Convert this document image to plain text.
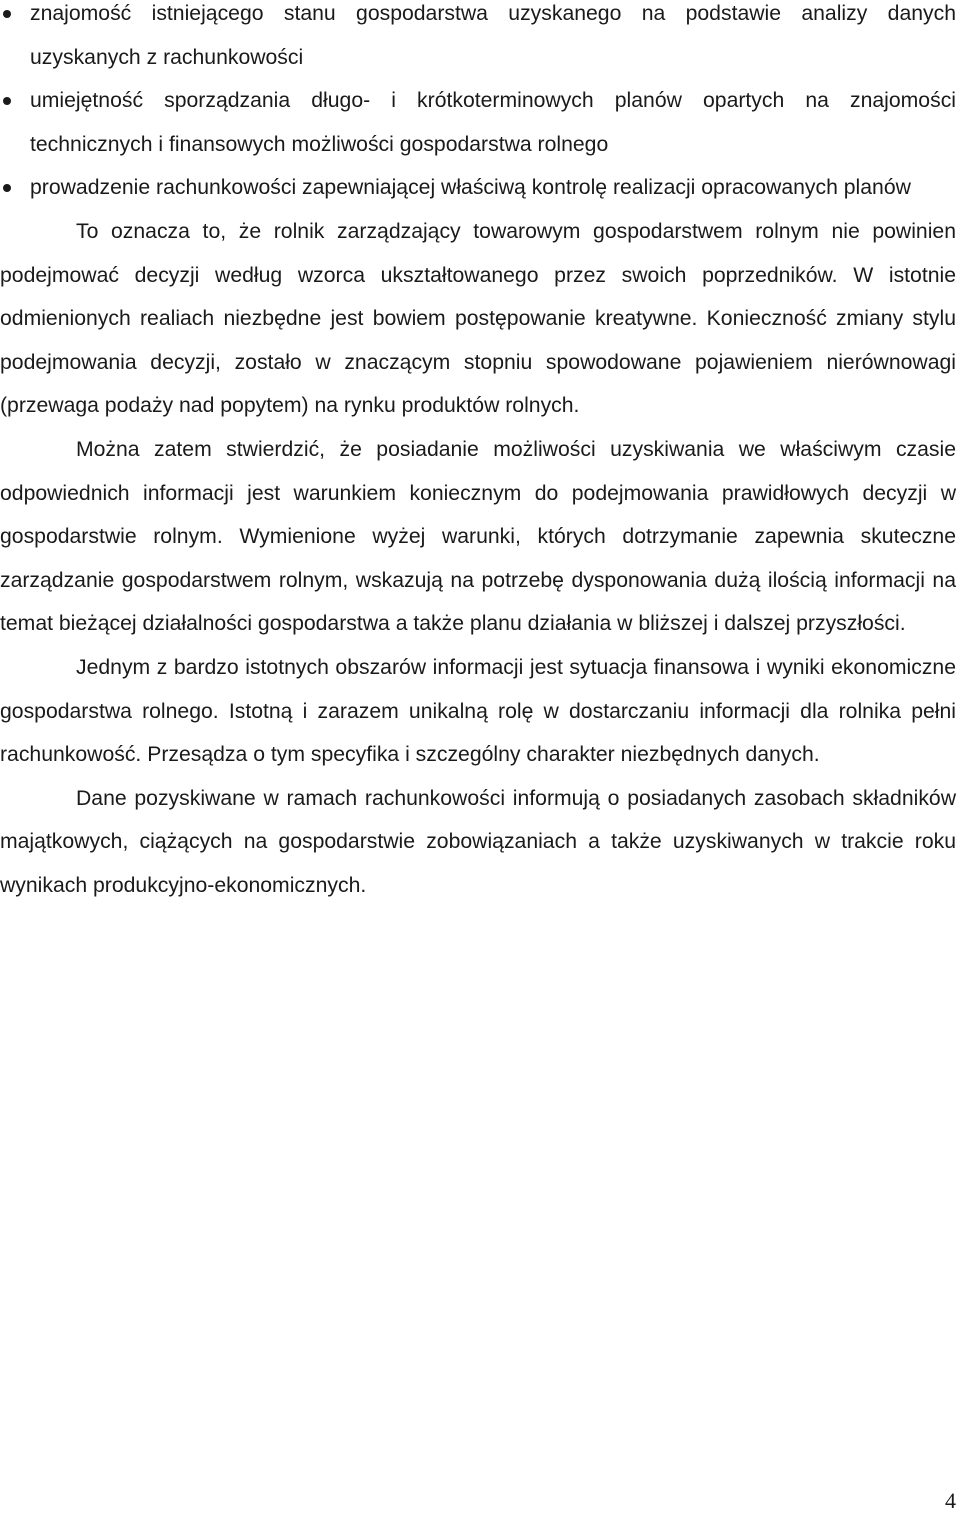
znajomość istniejącego stanu gospodarstwa uzyskanego na podstawie analizy danych uzyskanych z rachunkowości
umiejętność sporządzania długo- i krótkoterminowych planów opartych na znajomości technicznych i finansowych możliwości gospodarstwa rolnego
prowadzenie rachunkowości zapewniającej właściwą kontrolę realizacji opracowanych planów

To oznacza to, że rolnik zarządzający towarowym gospodarstwem rolnym nie powinien podejmować decyzji według wzorca ukształtowanego przez swoich poprzedników. W istotnie odmienionych realiach niezbędne jest bowiem postępowanie kreatywne. Konieczność zmiany stylu podejmowania decyzji, zostało w znaczącym stopniu spowodowane pojawieniem nierównowagi (przewaga podaży nad popytem) na rynku produktów rolnych.

Można zatem stwierdzić, że posiadanie możliwości uzyskiwania we właściwym czasie odpowiednich informacji jest warunkiem koniecznym do podejmowania prawidłowych decyzji w gospodarstwie rolnym. Wymienione wyżej warunki, których dotrzymanie zapewnia skuteczne zarządzanie gospodarstwem rolnym, wskazują na potrzebę dysponowania dużą ilością informacji na temat bieżącej działalności gospodarstwa a także planu działania w bliższej i dalszej przyszłości.

Jednym z bardzo istotnych obszarów informacji jest sytuacja finansowa i wyniki ekonomiczne gospodarstwa rolnego. Istotną i zarazem unikalną rolę w dostarczaniu informacji dla rolnika pełni rachunkowość. Przesądza o tym specyfika i szczególny charakter niezbędnych danych.

Dane pozyskiwane w ramach rachunkowości informują o posiadanych zasobach składników majątkowych, ciążących na gospodarstwie zobowiązaniach a także uzyskiwanych w trakcie roku wynikach produkcyjno-ekonomicznych.

4
